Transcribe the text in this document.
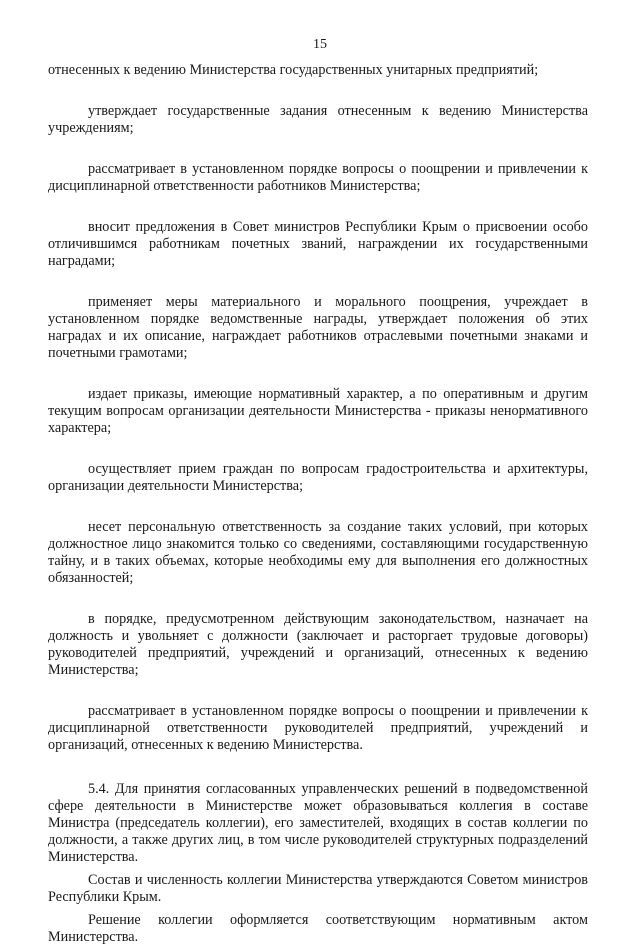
15

отнесенных к ведению Министерства государственных унитарных предприятий;

утверждает государственные задания отнесенным к ведению Министерства учреждениям;

рассматривает в установленном порядке вопросы о поощрении и привлечении к дисциплинарной ответственности работников Министерства;

вносит предложения в Совет министров Республики Крым о присвоении особо отличившимся работникам почетных званий, награждении их государственными наградами;

применяет меры материального и морального поощрения, учреждает в установленном порядке ведомственные награды, утверждает положения об этих наградах и их описание, награждает работников отраслевыми почетными знаками и почетными грамотами;

издает приказы, имеющие нормативный характер, а по оперативным и другим текущим вопросам организации деятельности Министерства - приказы ненормативного характера;

осуществляет прием граждан по вопросам градостроительства и архитектуры, организации деятельности Министерства;

несет персональную ответственность за создание таких условий, при которых должностное лицо знакомится только со сведениями, составляющими государственную тайну, и в таких объемах, которые необходимы ему для выполнения его должностных обязанностей;

в порядке, предусмотренном действующим законодательством, назначает на должность и увольняет с должности (заключает и расторгает трудовые договоры) руководителей предприятий, учреждений и организаций, отнесенных к ведению Министерства;

рассматривает в установленном порядке вопросы о поощрении и привлечении к дисциплинарной ответственности руководителей предприятий, учреждений и организаций, отнесенных к ведению Министерства.

5.4. Для принятия согласованных управленческих решений в подведомственной сфере деятельности в Министерстве может образовываться коллегия в составе Министра (председатель коллегии), его заместителей, входящих в состав коллегии по должности, а также других лиц, в том числе руководителей структурных подразделений Министерства.

Состав и численность коллегии Министерства утверждаются Советом министров Республики Крым.

Решение коллегии оформляется соответствующим нормативным актом Министерства.
